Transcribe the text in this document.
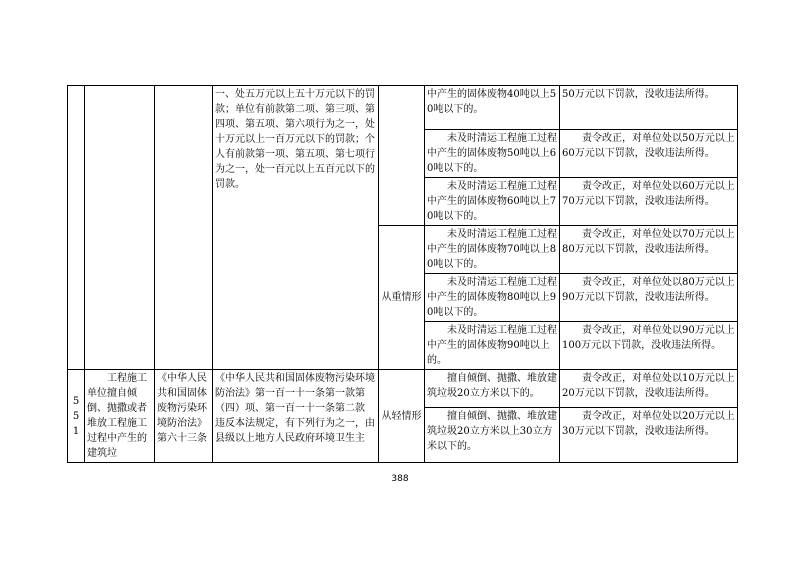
			一、处五万元以上五十万元以下的罚款；单位有前款第二项、第三项、第四项、第五项、第六项行为之一，处十万元以上一百万元以下的罚款；个人有前款第一项、第五项、第七项行为之一，处一百元以上五百元以下的罚款。		中产生的固体废物40吨以上50吨以下的。	50万元以下罚款，没收违法所得。
					未及时清运工程施工过程中产生的固体废物50吨以上60吨以下的。	责令改正，对单位处以50万元以上60万元以下罚款，没收违法所得。
					未及时清运工程施工过程中产生的固体废物60吨以上70吨以下的。	责令改正，对单位处以60万元以上70万元以下罚款，没收违法所得。
				从重情形	未及时清运工程施工过程中产生的固体废物70吨以上80吨以下的。	责令改正，对单位处以70万元以上80万元以下罚款，没收违法所得。
					未及时清运工程施工过程中产生的固体废物80吨以上90吨以下的。	责令改正，对单位处以80万元以上90万元以下罚款，没收违法所得。
					未及时清运工程施工过程中产生的固体废物90吨以上的。	责令改正，对单位处以90万元以上100万元以下罚款，没收违法所得。
551	工程施工单位擅自倾倒、抛撒或者堆放工程施工过程中产生的建筑垃	《中华人民共和国固体废物污染环境防治法》第六十三条	《中华人民共和国固体废物污染环境防治法》第一百一十一条第一款第（四）项、第一百一十一条第二款 违反本法规定，有下列行为之一，由县级以上地方人民政府环境卫生主	从轻情形	擅自倾倒、抛撒、堆放建筑垃圾20立方米以下的。	责令改正，对单位处以10万元以上20万元以下罚款，没收违法所得。
					擅自倾倒、抛撒、堆放建筑垃圾20立方米以上30立方米以下的。	责令改正，对单位处以20万元以上30万元以下罚款，没收违法所得。
388
